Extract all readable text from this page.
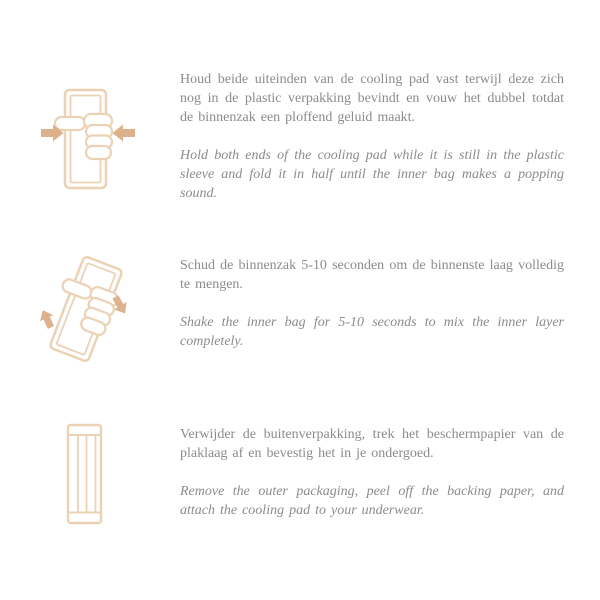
Houd beide uiteinden van de cooling pad vast terwijl deze zich nog in de plastic verpakking bevindt en vouw het dubbel totdat de binnenzak een ploffend geluid maakt.

Hold both ends of the cooling pad while it is still in the plastic sleeve and fold it in half until the inner bag makes a popping sound.

Schud de binnenzak 5-10 seconden om de binnenste laag volledig te mengen.

Shake the inner bag for 5-10 seconds to mix the inner layer completely.

Verwijder de buitenverpakking, trek het beschermpapier van de plaklaag af en bevestig het in je ondergoed.

Remove the outer packaging, peel off the backing paper, and attach the cooling pad to your underwear.
